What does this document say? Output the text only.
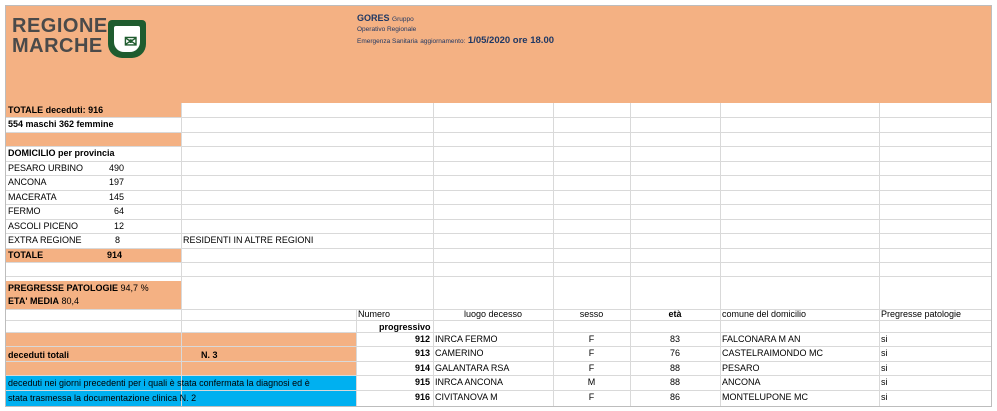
REGIONE
MARCHE	✉
GORES Gruppo
Operativo Regionale
Emergenza Sanitaria aggiornamento: 1/05/2020 ore 18.00
TOTALE deceduti: 916
554 maschi 362 femmine
DOMICILIO per provincia
PESARO URBINO	490
ANCONA	197
MACERATA	145
FERMO	64
ASCOLI PICENO	12
EXTRA REGIONE	8	RESIDENTI IN ALTRE REGIONI
TOTALE	914
PREGRESSE PATOLOGIE 94,7 %
ETA' MEDIA 80,4
deceduti totali	N. 3
deceduti nei giorni precedenti per i quali è stata confermata la diagnosi ed è
stata trasmessa la documentazione clinica N. 2
Numero
progressivo
luogo decesso	sesso	età	comune del domicilio	Pregresse patologie
912 INRCA FERMO	F	83	FALCONARA M AN	si
913 CAMERINO	F	76	CASTELRAIMONDO MC	si
914 GALANTARA RSA	F	88	PESARO	si
915 INRCA ANCONA	M	88	ANCONA	si
916 CIVITANOVA M	F	86	MONTELUPONE MC	si
